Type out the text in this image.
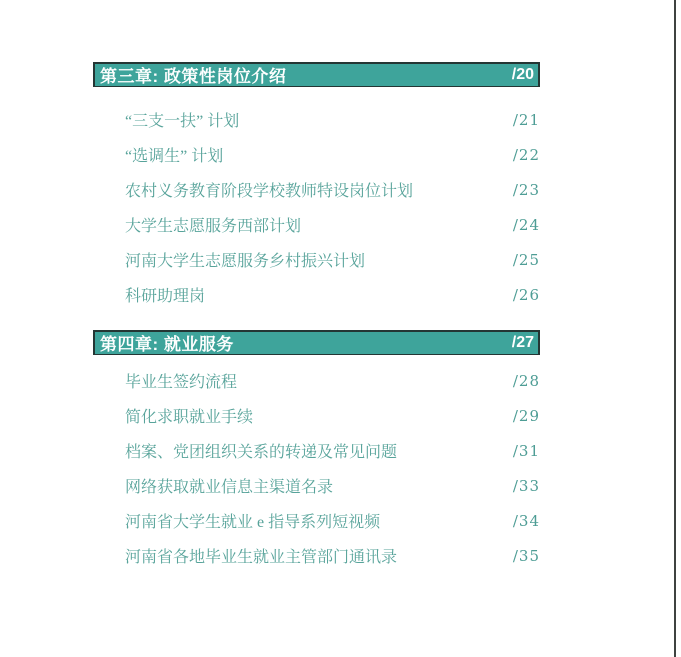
第三章: 政策性岗位介绍	/20
“三支一扶” 计划	/21
“选调生” 计划	/22
农村义务教育阶段学校教师特设岗位计划	/23
大学生志愿服务西部计划	/24
河南大学生志愿服务乡村振兴计划	/25
科研助理岗	/26
第四章: 就业服务	/27
毕业生签约流程	/28
简化求职就业手续	/29
档案、党团组织关系的转递及常见问题	/31
网络获取就业信息主渠道名录	/33
河南省大学生就业 e 指导系列短视频	/34
河南省各地毕业生就业主管部门通讯录	/35
